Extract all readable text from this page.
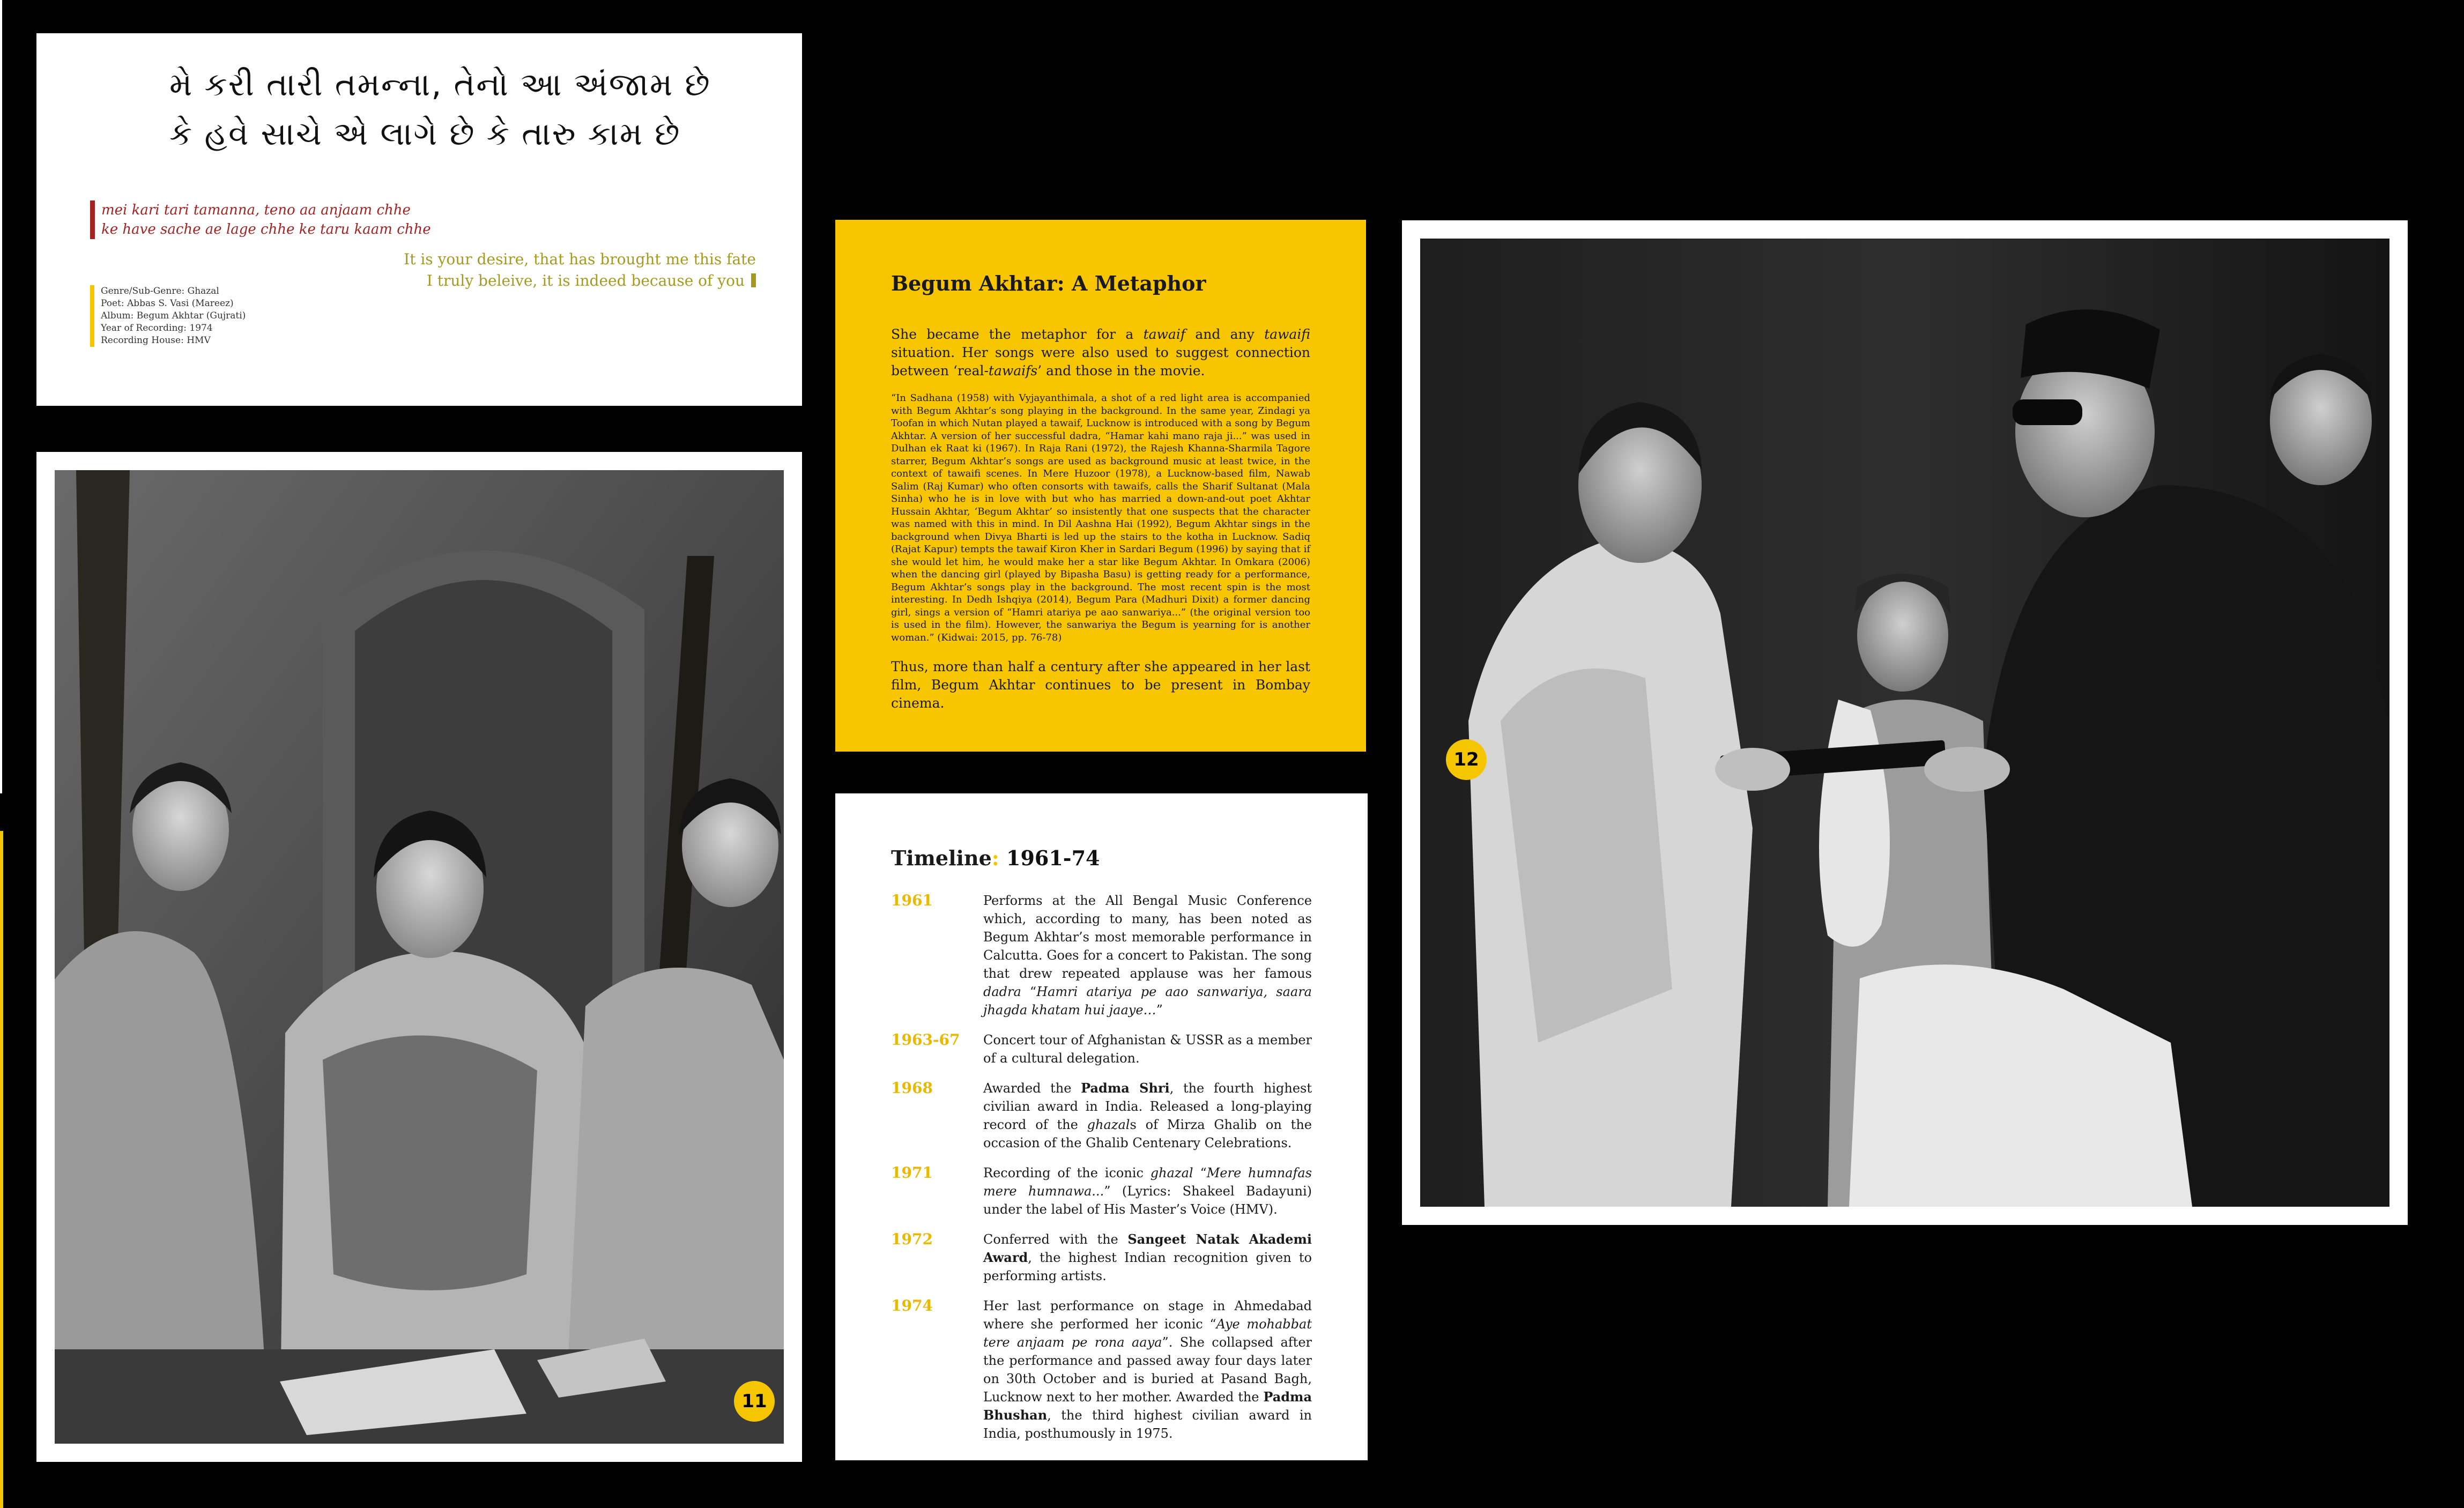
મે કરી તારી તમન્ના, તેનો આ અંજામ છે
કે હવે સાચે એ લાગે છે કે તારુ કામ છે
mei kari tari tamanna, teno aa anjaam chhe
ke have sache ae lage chhe ke taru kaam chhe
It is your desire, that has brought me this fate
I truly beleive, it is indeed because of you
Genre/Sub-Genre: Ghazal
Poet: Abbas S. Vasi (Mareez)
Album: Begum Akhtar (Gujrati)
Year of Recording: 1974
Recording House: HMV
11
Begum Akhtar: A Metaphor

She became the metaphor for a tawaif and any tawaifi situation. Her songs were also used to suggest connection between ‘real-tawaifs’ and those in the movie.

“In Sadhana (1958) with Vyjayanthimala, a shot of a red light area is accompanied with Begum Akhtar’s song playing in the background. In the same year, Zindagi ya Toofan in which Nutan played a tawaif, Lucknow is introduced with a song by Begum Akhtar. A version of her successful dadra, “Hamar kahi mano raja ji...” was used in Dulhan ek Raat ki (1967). In Raja Rani (1972), the Rajesh Khanna-Sharmila Tagore starrer, Begum Akhtar’s songs are used as background music at least twice, in the context of tawaifi scenes. In Mere Huzoor (1978), a Lucknow-based film, Nawab Salim (Raj Kumar) who often consorts with tawaifs, calls the Sharif Sultanat (Mala Sinha) who he is in love with but who has married a down-and-out poet Akhtar Hussain Akhtar, ‘Begum Akhtar’ so insistently that one suspects that the character was named with this in mind. In Dil Aashna Hai (1992), Begum Akhtar sings in the background when Divya Bharti is led up the stairs to the kotha in Lucknow. Sadiq (Rajat Kapur) tempts the tawaif Kiron Kher in Sardari Begum (1996) by saying that if she would let him, he would make her a star like Begum Akhtar. In Omkara (2006) when the dancing girl (played by Bipasha Basu) is getting ready for a performance, Begum Akhtar’s songs play in the background. The most recent spin is the most interesting. In Dedh Ishqiya (2014), Begum Para (Madhuri Dixit) a former dancing girl, sings a version of “Hamri atariya pe aao sanwariya...” (the original version too is used in the film). However, the sanwariya the Begum is yearning for is another woman.” (Kidwai: 2015, pp. 76-78)

Thus, more than half a century after she appeared in her last film, Begum Akhtar continues to be present in Bombay cinema.

Timeline: 1961-74
1961	Performs at the All Bengal Music Conference which, according to many, has been noted as Begum Akhtar’s most memorable performance in Calcutta. Goes for a concert to Pakistan. The song that drew repeated applause was her famous dadra “Hamri atariya pe aao sanwariya, saara jhagda khatam hui jaaye…”
1963-67	Concert tour of Afghanistan & USSR as a member of a cultural delegation.
1968	Awarded the Padma Shri, the fourth highest civilian award in India. Released a long-playing record of the ghazals of Mirza Ghalib on the occasion of the Ghalib Centenary Celebrations.
1971	Recording of the iconic ghazal “Mere humnafas mere humnawa...” (Lyrics: Shakeel Badayuni) under the label of His Master’s Voice (HMV).
1972	Conferred with the Sangeet Natak Akademi Award, the highest Indian recognition given to performing artists.
1974	Her last performance on stage in Ahmedabad where she performed her iconic “Aye mohabbat tere anjaam pe rona aaya”. She collapsed after the performance and passed away four days later on 30th October and is buried at Pasand Bagh, Lucknow next to her mother. Awarded the Padma Bhushan, the third highest civilian award in India, posthumously in 1975.
12
